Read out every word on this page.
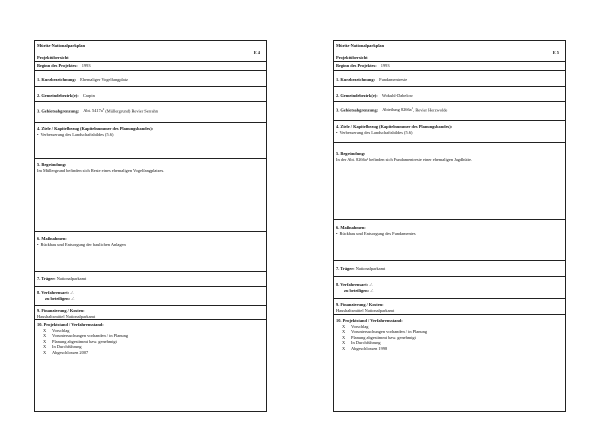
Müritz-Nationalparkplan
E 4
Projektübersicht
Beginn des Projektes: 1993
1. Kurzbezeichnung: Ehemaliger Vogelfangplatz
2. Gemeindebezirk(e): Carpin
3. Gebietsabgrenzung: Abt. $5417a^2$ (Müllergrund) Revier Serrahn
4. Ziele / Kapitelbezug (Kapitelnummer des Planungsbandes):
• Verbesserung des Landschaftsbildes (5.6)
5. Begründung:
Im Müllergrund befinden sich Reste eines ehemaligen Vogelfangplatzes.
6. Maßnahmen:
• Rückbau und Entsorgung der baulichen Anlagen
7. Träger: Nationalparkamt
8. Verfahrensart: ./.
zu beteiligen: ./.
9. Finanzierung / Kosten:
Haushaltsmittel Nationalparkamt
10. Projektstand / Verfahrensstand:
X Vorschlag
X Voruntersuchungen vorhanden / in Planung
X Planung abgestimmt bzw. genehmigt
X In Durchführung
X Abgeschlossen 2007
Müritz-Nationalparkplan
E 5
Projektübersicht
Beginn des Projektes: 1993
1. Kurzbezeichnung: Fundamentreste
2. Gemeindebezirk(e): Wokuhl-Dabelow
3. Gebietsabgrenzung: Abteilung $8266a^1$, Revier Herzwolde
4. Ziele / Kapitelbezug (Kapitelnummer des Planungsbandes):
• Verbesserung des Landschaftsbildes (5.6)
5. Begründung:
In der Abt. 8266a¹ befinden sich Fundamentreste einer ehemaligen Jagdhütte.
6. Maßnahmen:
• Rückbau und Entsorgung des Fundamentes
7. Träger: Nationalparkamt
8. Verfahrensart: ./.
zu beteiligen: ./.
9. Finanzierung / Kosten:
Haushaltsmittel Nationalparkamt
10. Projektstand / Verfahrensstand:
X Vorschlag
X Voruntersuchungen vorhanden / in Planung
X Planung abgestimmt bzw. genehmigt
X In Durchführung
X Abgeschlossen 1998
